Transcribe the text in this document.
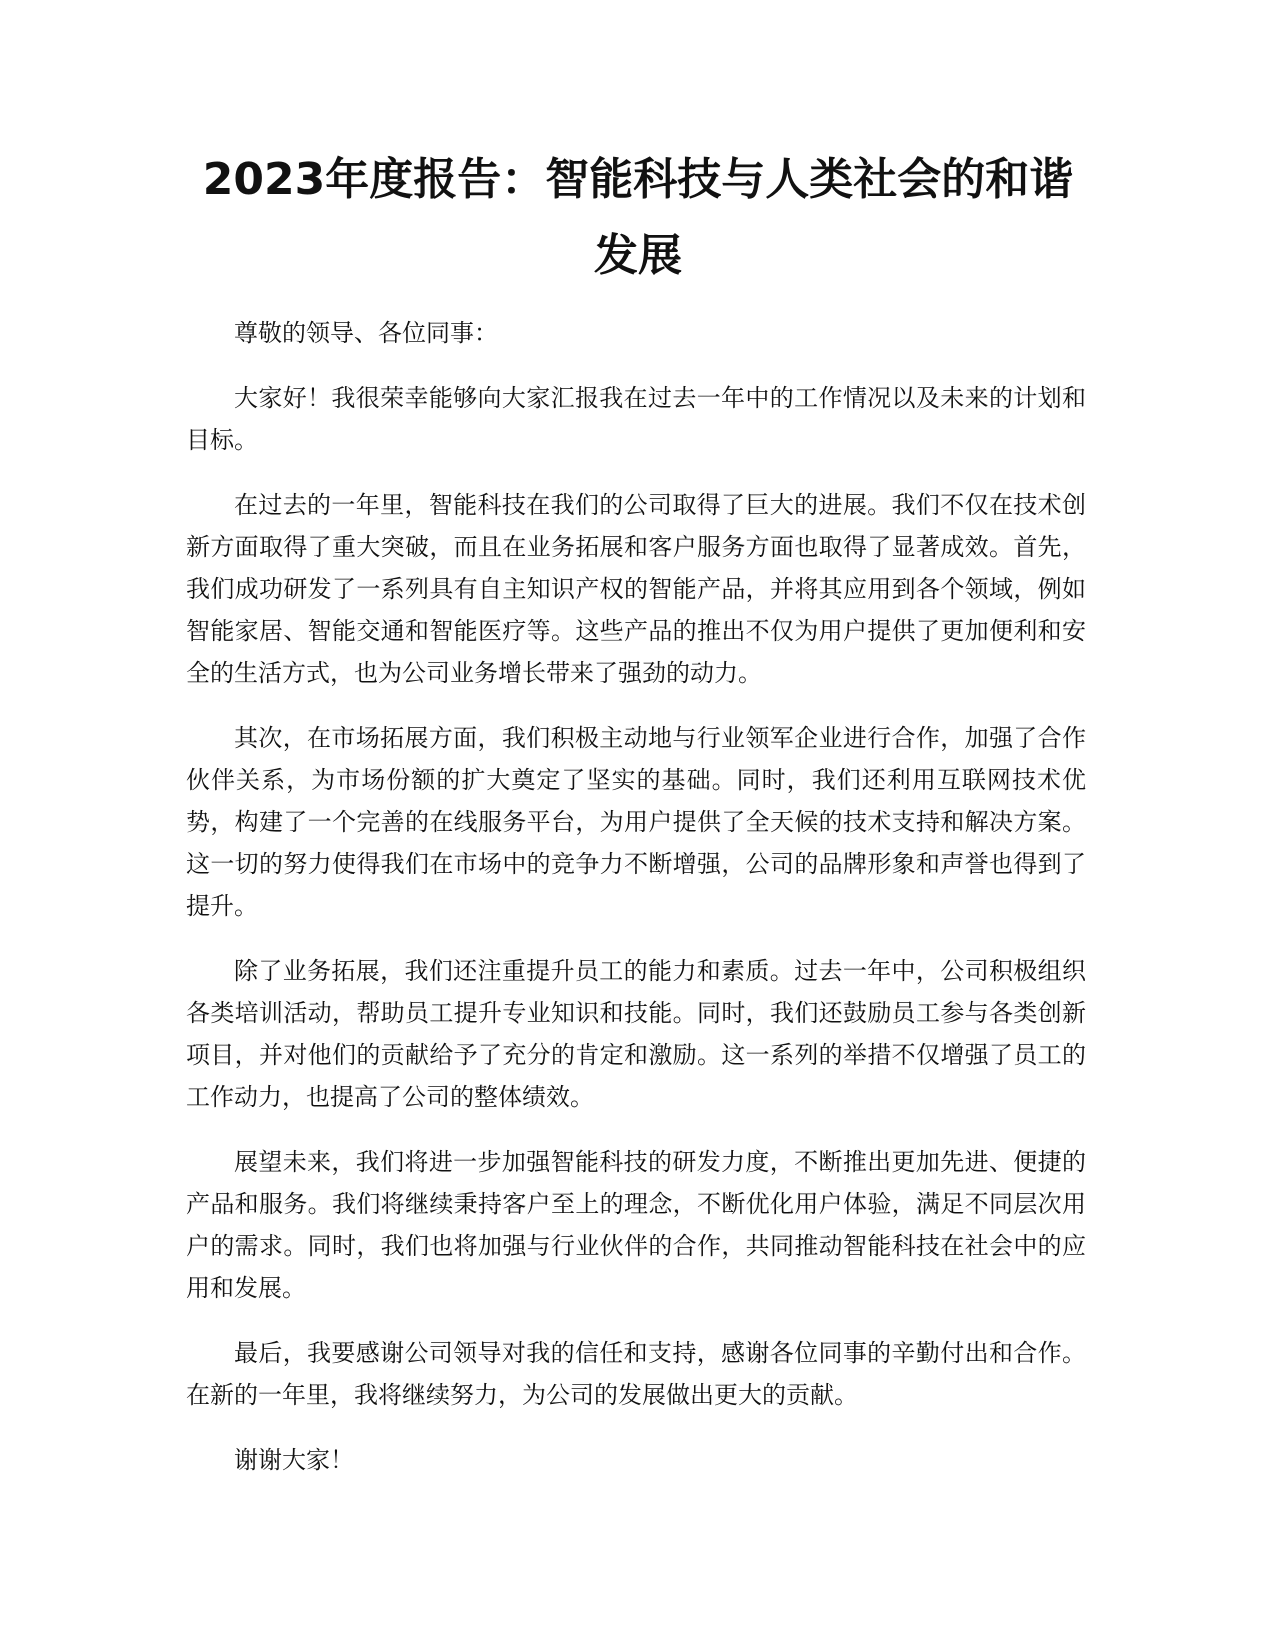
2023年度报告：智能科技与人类社会的和谐发展

尊敬的领导、各位同事：

大家好！我很荣幸能够向大家汇报我在过去一年中的工作情况以及未来的计划和目标。

在过去的一年里，智能科技在我们的公司取得了巨大的进展。我们不仅在技术创新方面取得了重大突破，而且在业务拓展和客户服务方面也取得了显著成效。首先，我们成功研发了一系列具有自主知识产权的智能产品，并将其应用到各个领域，例如智能家居、智能交通和智能医疗等。这些产品的推出不仅为用户提供了更加便利和安全的生活方式，也为公司业务增长带来了强劲的动力。

其次，在市场拓展方面，我们积极主动地与行业领军企业进行合作，加强了合作伙伴关系，为市场份额的扩大奠定了坚实的基础。同时，我们还利用互联网技术优势，构建了一个完善的在线服务平台，为用户提供了全天候的技术支持和解决方案。这一切的努力使得我们在市场中的竞争力不断增强，公司的品牌形象和声誉也得到了提升。

除了业务拓展，我们还注重提升员工的能力和素质。过去一年中，公司积极组织各类培训活动，帮助员工提升专业知识和技能。同时，我们还鼓励员工参与各类创新项目，并对他们的贡献给予了充分的肯定和激励。这一系列的举措不仅增强了员工的工作动力，也提高了公司的整体绩效。

展望未来，我们将进一步加强智能科技的研发力度，不断推出更加先进、便捷的产品和服务。我们将继续秉持客户至上的理念，不断优化用户体验，满足不同层次用户的需求。同时，我们也将加强与行业伙伴的合作，共同推动智能科技在社会中的应用和发展。

最后，我要感谢公司领导对我的信任和支持，感谢各位同事的辛勤付出和合作。在新的一年里，我将继续努力，为公司的发展做出更大的贡献。

谢谢大家！
